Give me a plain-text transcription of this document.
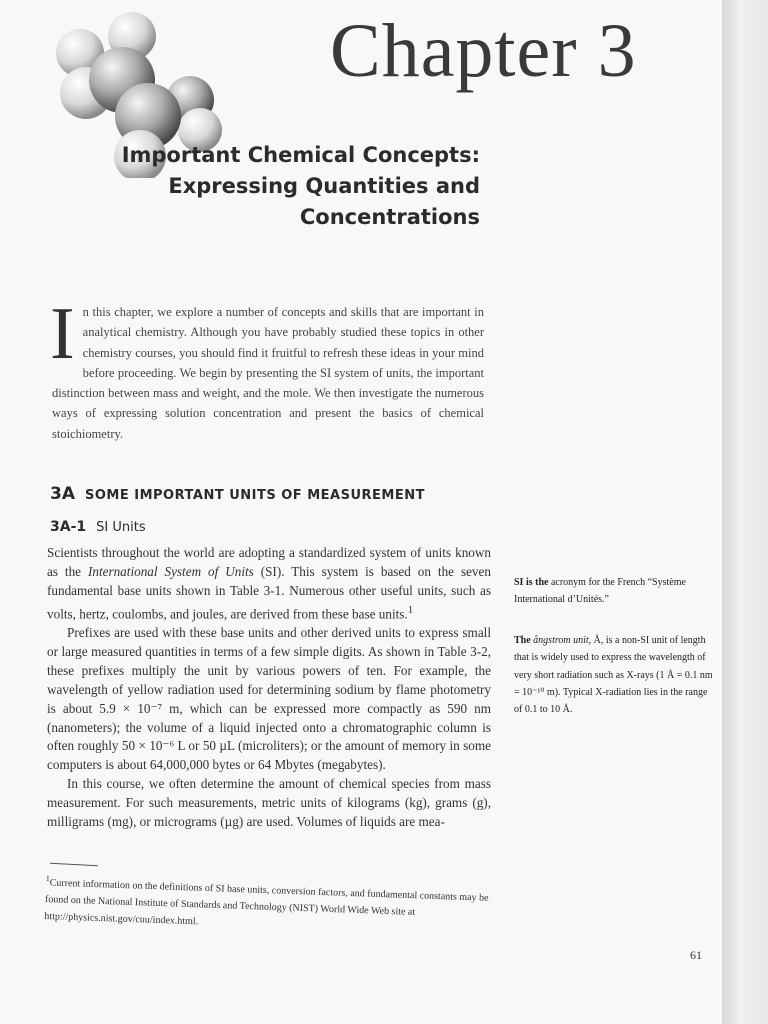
Chapter 3
Important Chemical Concepts:
Expressing Quantities and
Concentrations
In this chapter, we explore a number of concepts and skills that are important in analytical chemistry. Although you have probably studied these topics in other chemistry courses, you should find it fruitful to refresh these ideas in your mind before proceeding. We begin by presenting the SI system of units, the important distinction between mass and weight, and the mole. We then investigate the numerous ways of expressing solution concentration and present the basics of chemical stoichiometry.
3A SOME IMPORTANT UNITS OF MEASUREMENT
3A-1 SI Units

Scientists throughout the world are adopting a standardized system of units known as the International System of Units (SI). This system is based on the seven fundamental base units shown in Table 3-1. Numerous other useful units, such as volts, hertz, coulombs, and joules, are derived from these base units.$^1$

Prefixes are used with these base units and other derived units to express small or large measured quantities in terms of a few simple digits. As shown in Table 3-2, these prefixes multiply the unit by various powers of ten. For example, the wavelength of yellow radiation used for determining sodium by flame photometry is about 5.9 × 10⁻⁷ m, which can be expressed more compactly as 590 nm (nanometers); the volume of a liquid injected onto a chromatographic column is often roughly 50 × 10⁻⁶ L or 50 µL (microliters); or the amount of memory in some computers is about 64,000,000 bytes or 64 Mbytes (megabytes).

In this course, we often determine the amount of chemical species from mass measurement. For such measurements, metric units of kilograms (kg), grams (g), milligrams (mg), or micrograms (µg) are used. Volumes of liquids are mea-

SI is the acronym for the French “Système International d’Unités.”
The ångstrom unit, Å, is a non-SI unit of length that is widely used to express the wavelength of very short radiation such as X-rays (1 Å = 0.1 nm = 10⁻¹⁰ m). Typical X-radiation lies in the range of 0.1 to 10 Å.
$^1$Current information on the definitions of SI base units, conversion factors, and fundamental constants may be found on the National Institute of Standards and Technology (NIST) World Wide Web site at http://physics.nist.gov/cuu/index.html.
61
